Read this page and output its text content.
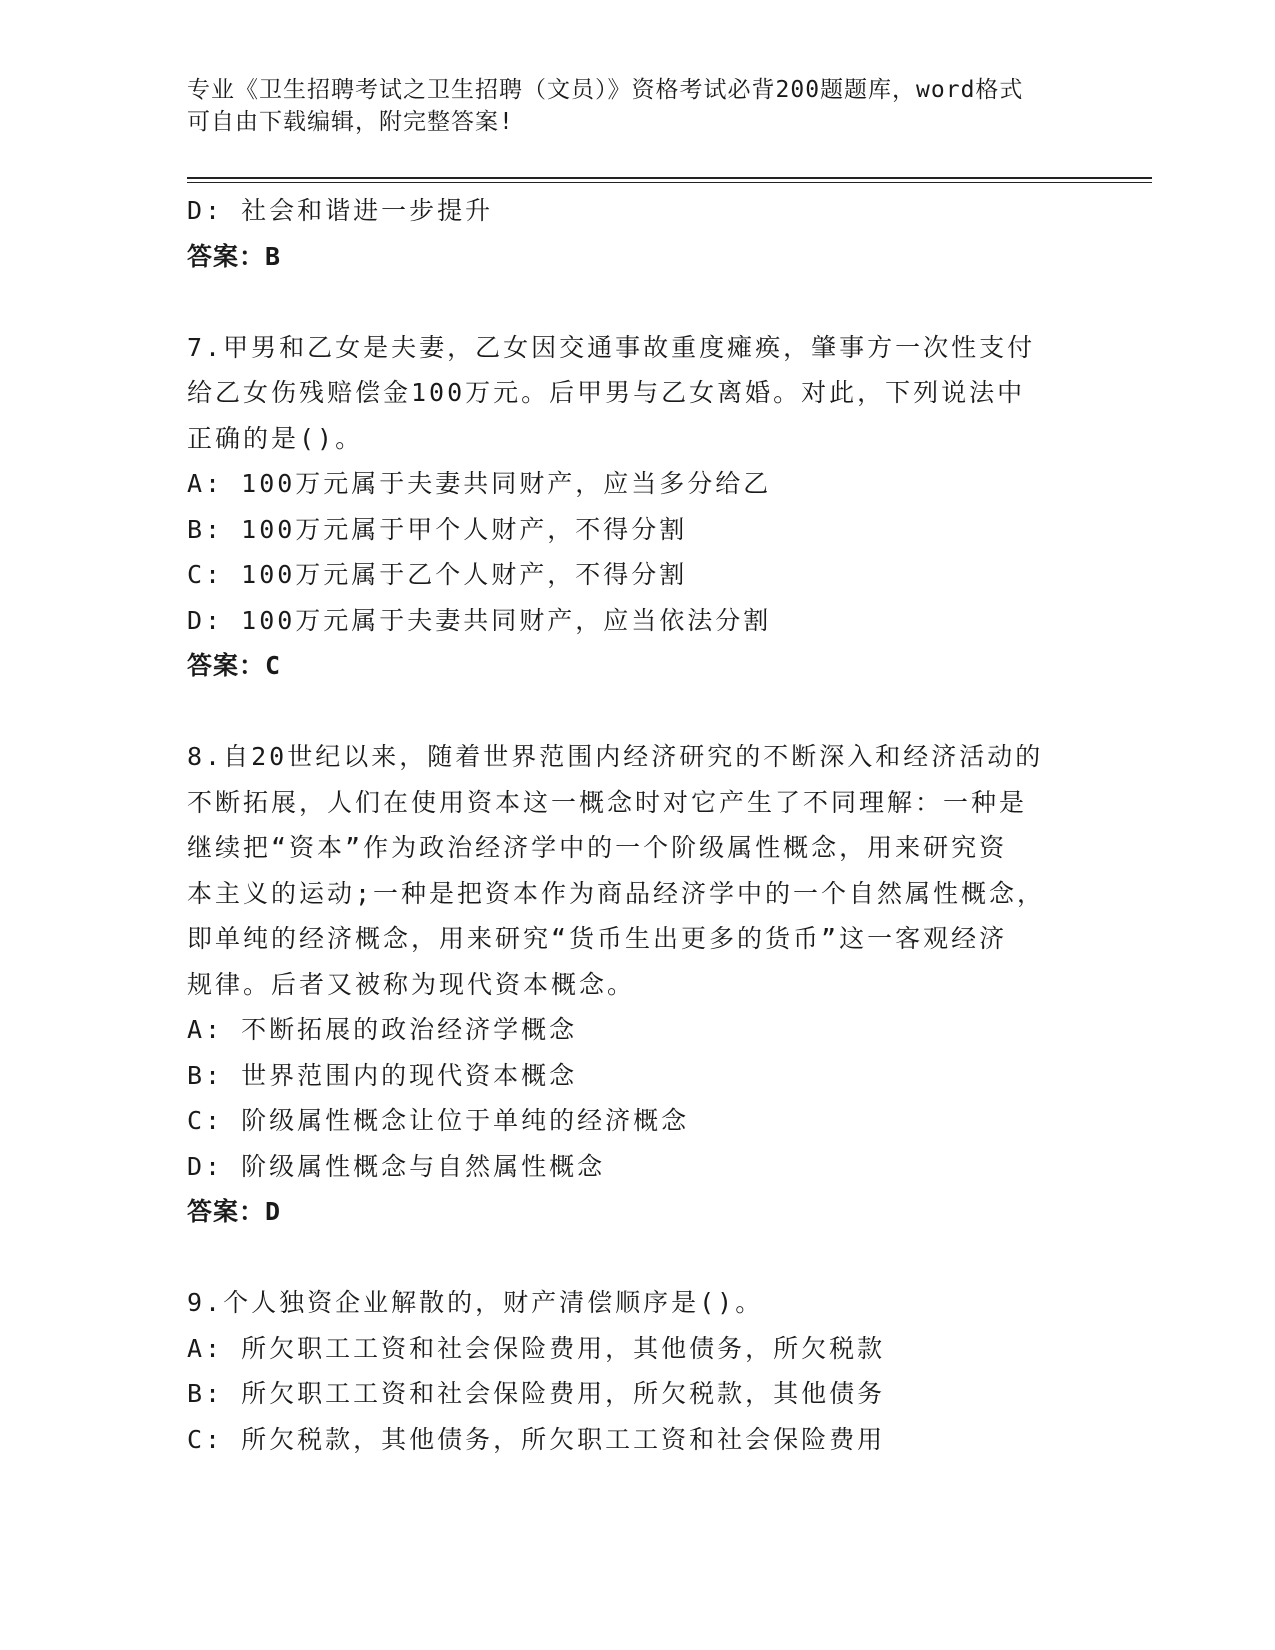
专业《卫生招聘考试之卫生招聘（文员）》资格考试必背200题题库，word格式
可自由下载编辑，附完整答案!
D: 社会和谐进一步提升
答案：B
7.甲男和乙女是夫妻，乙女因交通事故重度瘫痪，肇事方一次性支付
给乙女伤残赔偿金100万元。后甲男与乙女离婚。对此，下列说法中
正确的是()。
A: 100万元属于夫妻共同财产，应当多分给乙
B: 100万元属于甲个人财产，不得分割
C: 100万元属于乙个人财产，不得分割
D: 100万元属于夫妻共同财产，应当依法分割
答案：C
8.自20世纪以来，随着世界范围内经济研究的不断深入和经济活动的
不断拓展，人们在使用资本这一概念时对它产生了不同理解：一种是
继续把“资本”作为政治经济学中的一个阶级属性概念，用来研究资
本主义的运动;一种是把资本作为商品经济学中的一个自然属性概念，
即单纯的经济概念，用来研究“货币生出更多的货币”这一客观经济
规律。后者又被称为现代资本概念。
A: 不断拓展的政治经济学概念
B: 世界范围内的现代资本概念
C: 阶级属性概念让位于单纯的经济概念
D: 阶级属性概念与自然属性概念
答案：D
9.个人独资企业解散的，财产清偿顺序是()。
A: 所欠职工工资和社会保险费用，其他债务，所欠税款
B: 所欠职工工资和社会保险费用，所欠税款，其他债务
C: 所欠税款，其他债务，所欠职工工资和社会保险费用
